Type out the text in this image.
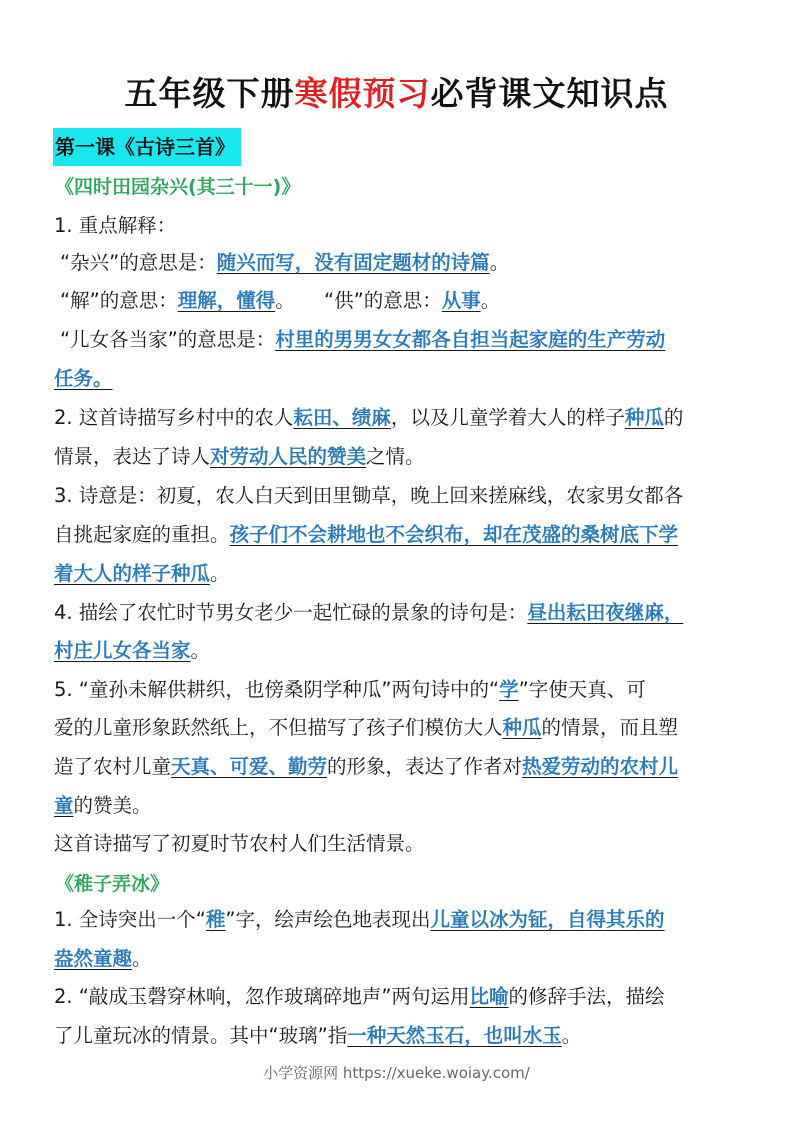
五年级下册寒假预习必背课文知识点
第一课《古诗三首》
《四时田园杂兴(其三十一)》
1. 重点解释：
“杂兴”的意思是：随兴而写，没有固定题材的诗篇。
“解”的意思：理解，懂得。　　“供”的意思：从事。
“儿女各当家”的意思是：村里的男男女女都各自担当起家庭的生产劳动
任务。
2. 这首诗描写乡村中的农人耘田、绩麻，以及儿童学着大人的样子种瓜的
情景，表达了诗人对劳动人民的赞美之情。
3. 诗意是：初夏，农人白天到田里锄草，晚上回来搓麻线，农家男女都各
自挑起家庭的重担。孩子们不会耕地也不会织布，却在茂盛的桑树底下学
着大人的样子种瓜。
4. 描绘了农忙时节男女老少一起忙碌的景象的诗句是：昼出耘田夜继麻，
村庄儿女各当家。
5. “童孙未解供耕织，也傍桑阴学种瓜”两句诗中的“学”字使天真、可
爱的儿童形象跃然纸上，不但描写了孩子们模仿大人种瓜的情景，而且塑
造了农村儿童天真、可爱、勤劳的形象，表达了作者对热爱劳动的农村儿
童的赞美。
这首诗描写了初夏时节农村人们生活情景。
《稚子弄冰》
1. 全诗突出一个“稚”字，绘声绘色地表现出儿童以冰为钲，自得其乐的
盎然童趣。
2. “敲成玉磬穿林响，忽作玻璃碎地声”两句运用比喻的修辞手法，描绘
了儿童玩冰的情景。其中“玻璃”指一种天然玉石，也叫水玉。
小学资源网 https://xueke.woiay.com/
